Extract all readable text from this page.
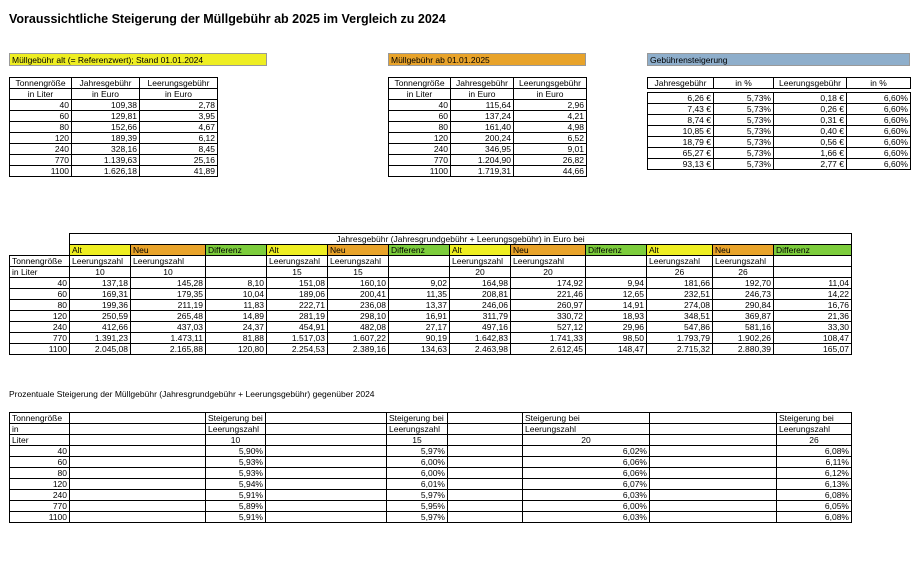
Voraussichtliche Steigerung der Müllgebühr ab 2025 im Vergleich zu 2024
Müllgebühr alt (= Referenzwert); Stand 01.01.2024	Müllgebühr ab 01.01.2025	Gebührensteigerung
Tonnengröße	Jahresgebühr	Leerungsgebühr
in Liter	in Euro	in Euro
40	109,38	2,78
60	129,81	3,95
80	152,66	4,67
120	189,39	6,12
240	328,16	8,45
770	1.139,63	25,16
1100	1.626,18	41,89
Tonnengröße	Jahresgebühr	Leerungsgebühr
in Liter	in Euro	in Euro
40	115,64	2,96
60	137,24	4,21
80	161,40	4,98
120	200,24	6,52
240	346,95	9,01
770	1.204,90	26,82
1100	1.719,31	44,66
Jahresgebühr	in %	Leerungsgebühr	in %

6,26 €	5,73%	0,18 €	6,60%
7,43 €	5,73%	0,26 €	6,60%
8,74 €	5,73%	0,31 €	6,60%
10,85 €	5,73%	0,40 €	6,60%
18,79 €	5,73%	0,56 €	6,60%
65,27 €	5,73%	1,66 €	6,60%
93,13 €	5,73%	2,77 €	6,60%
	Jahresgebühr (Jahresgrundgebühr + Leerungsgebühr) in Euro bei											
	Alt	Neu	Differenz	Alt	Neu	Differenz	Alt	Neu	Differenz	Alt	Neu	Differenz
Tonnengröße	Leerungszahl	Leerungszahl		Leerungszahl	Leerungszahl		Leerungszahl	Leerungszahl		Leerungszahl	Leerungszahl	
in Liter	10	10		15	15		20	20		26	26	
40	137,18	145,28	8,10	151,08	160,10	9,02	164,98	174,92	9,94	181,66	192,70	11,04
60	169,31	179,35	10,04	189,06	200,41	11,35	208,81	221,46	12,65	232,51	246,73	14,22
80	199,36	211,19	11,83	222,71	236,08	13,37	246,06	260,97	14,91	274,08	290,84	16,76
120	250,59	265,48	14,89	281,19	298,10	16,91	311,79	330,72	18,93	348,51	369,87	21,36
240	412,66	437,03	24,37	454,91	482,08	27,17	497,16	527,12	29,96	547,86	581,16	33,30
770	1.391,23	1.473,11	81,88	1.517,03	1.607,22	90,19	1.642,83	1.741,33	98,50	1.793,79	1.902,26	108,47
1100	2.045,08	2.165,88	120,80	2.254,53	2.389,16	134,63	2.463,98	2.612,45	148,47	2.715,32	2.880,39	165,07
Prozentuale Steigerung der Müllgebühr (Jahresgrundgebühr + Leerungsgebühr) gegenüber 2024
Tonnengröße		Steigerung bei		Steigerung bei		Steigerung bei		Steigerung bei
in		Leerungszahl		Leerungszahl		Leerungszahl		Leerungszahl
Liter		10		15		20		26
40		5,90%		5,97%		6,02%		6,08%
60		5,93%		6,00%		6,06%		6,11%
80		5,93%		6,00%		6,06%		6,12%
120		5,94%		6,01%		6,07%		6,13%
240		5,91%		5,97%		6,03%		6,08%
770		5,89%		5,95%		6,00%		6,05%
1100		5,91%		5,97%		6,03%		6,08%
